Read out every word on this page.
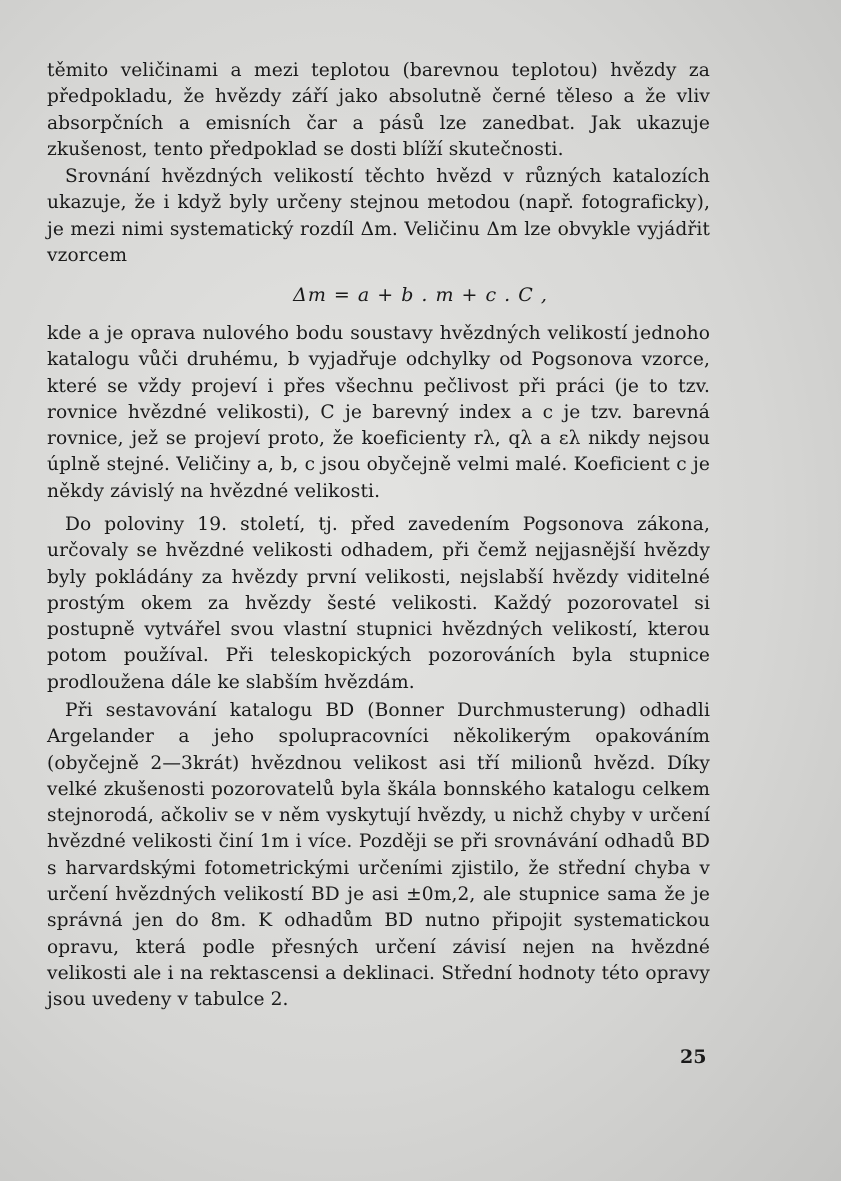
těmito veličinami a mezi teplotou (barevnou teplotou) hvězdy za předpokladu, že hvězdy září jako absolutně černé těleso a že vliv absorpčních a emisních čar a pásů lze zanedbat. Jak ukazuje zkušenost, tento předpoklad se dosti blíží skutečnosti.

Srovnání hvězdných velikostí těchto hvězd v různých katalozích ukazuje, že i když byly určeny stejnou metodou (např. fotograficky), je mezi nimi systematický rozdíl Δm. Veličinu Δm lze obvykle vyjádřit vzorcem

Δm = a + b . m + c . C ,

kde a je oprava nulového bodu soustavy hvězdných velikostí jednoho katalogu vůči druhému, b vyjadřuje odchylky od Pogsonova vzorce, které se vždy projeví i přes všechnu pečlivost při práci (je to tzv. rovnice hvězdné velikosti), C je barevný index a c je tzv. barevná rovnice, jež se projeví proto, že koeficienty rλ, qλ a ελ nikdy nejsou úplně stejné. Veličiny a, b, c jsou obyčejně velmi malé. Koeficient c je někdy závislý na hvězdné velikosti.

Do poloviny 19. století, tj. před zavedením Pogsonova zákona, určovaly se hvězdné velikosti odhadem, při čemž nejjasnější hvězdy byly pokládány za hvězdy první velikosti, nejslabší hvězdy viditelné prostým okem za hvězdy šesté velikosti. Každý pozorovatel si postupně vytvářel svou vlastní stupnici hvězdných velikostí, kterou potom používal. Při teleskopických pozorováních byla stupnice prodloužena dále ke slabším hvězdám.

Při sestavování katalogu BD (Bonner Durchmusterung) odhadli Argelander a jeho spolupracovníci několikerým opakováním (obyčejně 2—3krát) hvězdnou velikost asi tří milionů hvězd. Díky velké zkušenosti pozorovatelů byla škála bonnského katalogu celkem stejnorodá, ačkoliv se v něm vyskytují hvězdy, u nichž chyby v určení hvězdné velikosti činí 1m i více. Později se při srovnávání odhadů BD s harvardskými fotometrickými určeními zjistilo, že střední chyba v určení hvězdných velikostí BD je asi ±0m,2, ale stupnice sama že je správná jen do 8m. K odhadům BD nutno připojit systematickou opravu, která podle přesných určení závisí nejen na hvězdné velikosti ale i na rektascensi a deklinaci. Střední hodnoty této opravy jsou uvedeny v tabulce 2.

25
